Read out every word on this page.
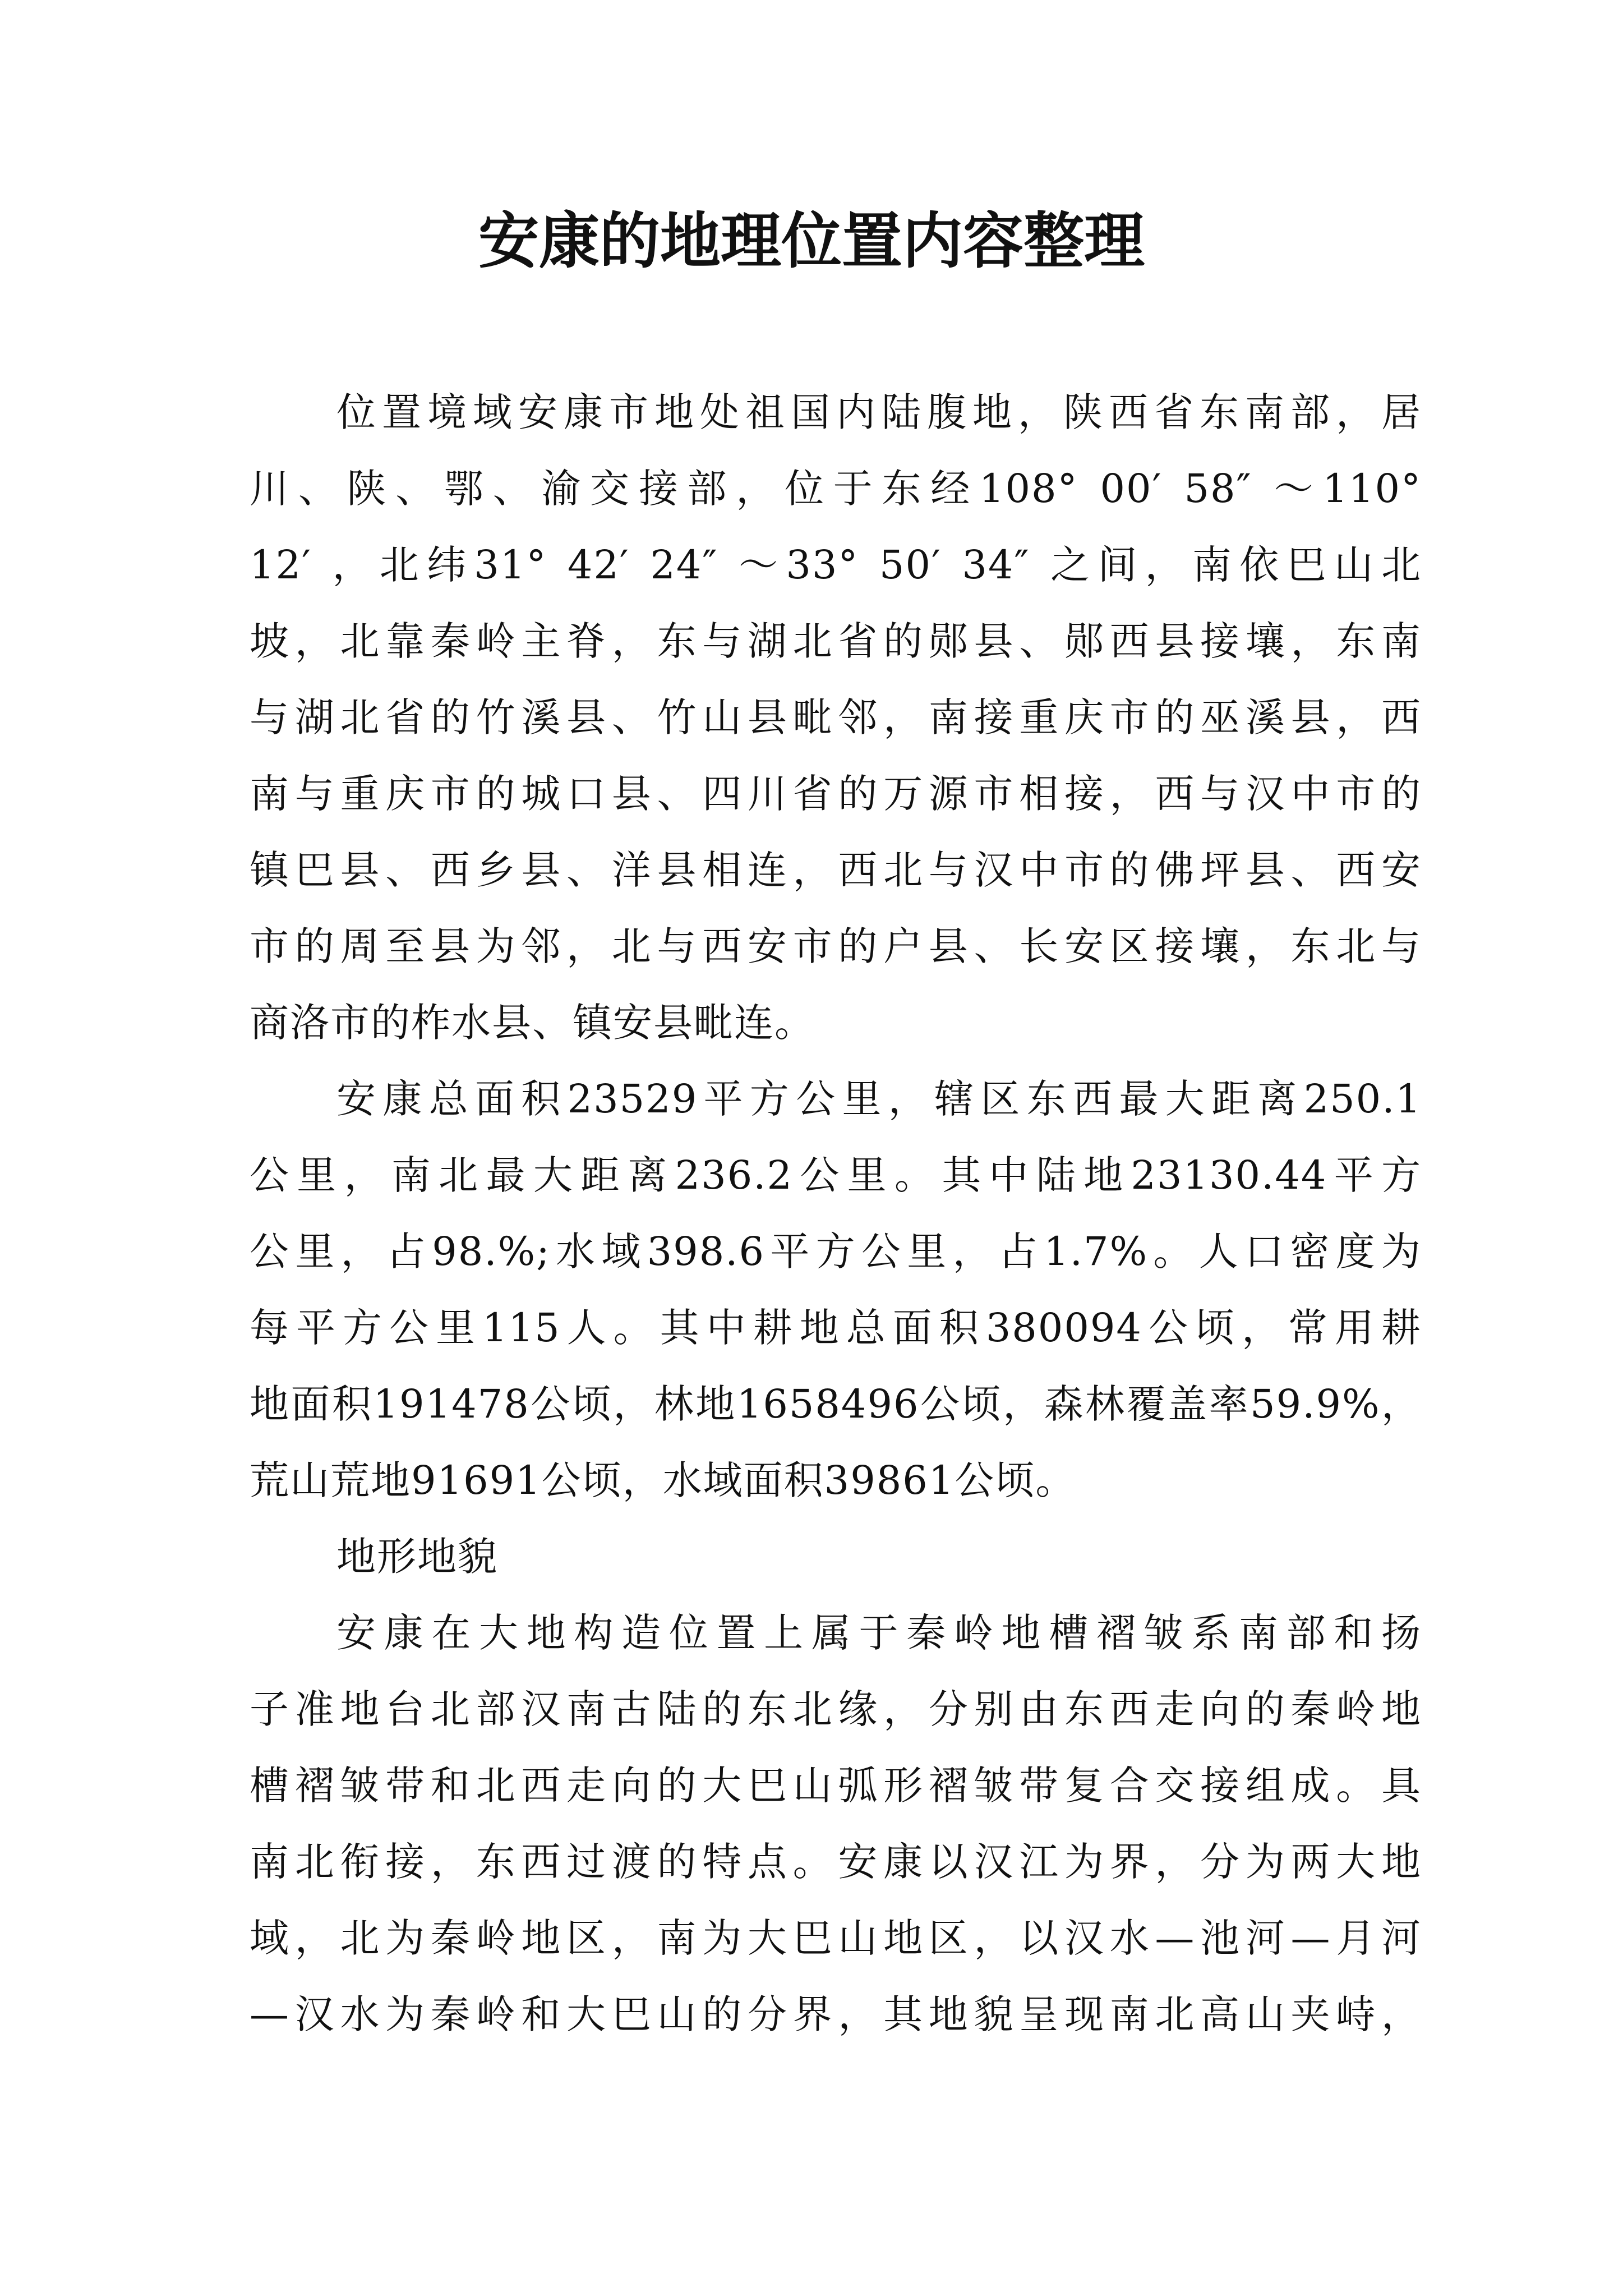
安康的地理位置内容整理
位置境域安康市地处祖国内陆腹地，陕西省东南部，居
川、陕、鄂、渝交接部，位于东经108° 00′ 58″ ～110°
12′ ，北纬31° 42′ 24″ ～33° 50′ 34″ 之间，南依巴山北
坡，北靠秦岭主脊，东与湖北省的郧县、郧西县接壤，东南
与湖北省的竹溪县、竹山县毗邻，南接重庆市的巫溪县，西
南与重庆市的城口县、四川省的万源市相接，西与汉中市的
镇巴县、西乡县、洋县相连，西北与汉中市的佛坪县、西安
市的周至县为邻，北与西安市的户县、长安区接壤，东北与
商洛市的柞水县、镇安县毗连。
安康总面积23529平方公里，辖区东西最大距离250.1
公里，南北最大距离236.2公里。其中陆地23130.44平方
公里，占98.%;水域398.6平方公里，占1.7%。人口密度为
每平方公里115人。其中耕地总面积380094公顷，常用耕
地面积191478公顷，林地1658496公顷，森林覆盖率59.9%，
荒山荒地91691公顷，水域面积39861公顷。
地形地貌
安康在大地构造位置上属于秦岭地槽褶皱系南部和扬
子准地台北部汉南古陆的东北缘，分别由东西走向的秦岭地
槽褶皱带和北西走向的大巴山弧形褶皱带复合交接组成。具
南北衔接，东西过渡的特点。安康以汉江为界，分为两大地
域，北为秦岭地区，南为大巴山地区，以汉水—池河—月河
—汉水为秦岭和大巴山的分界，其地貌呈现南北高山夹峙，
